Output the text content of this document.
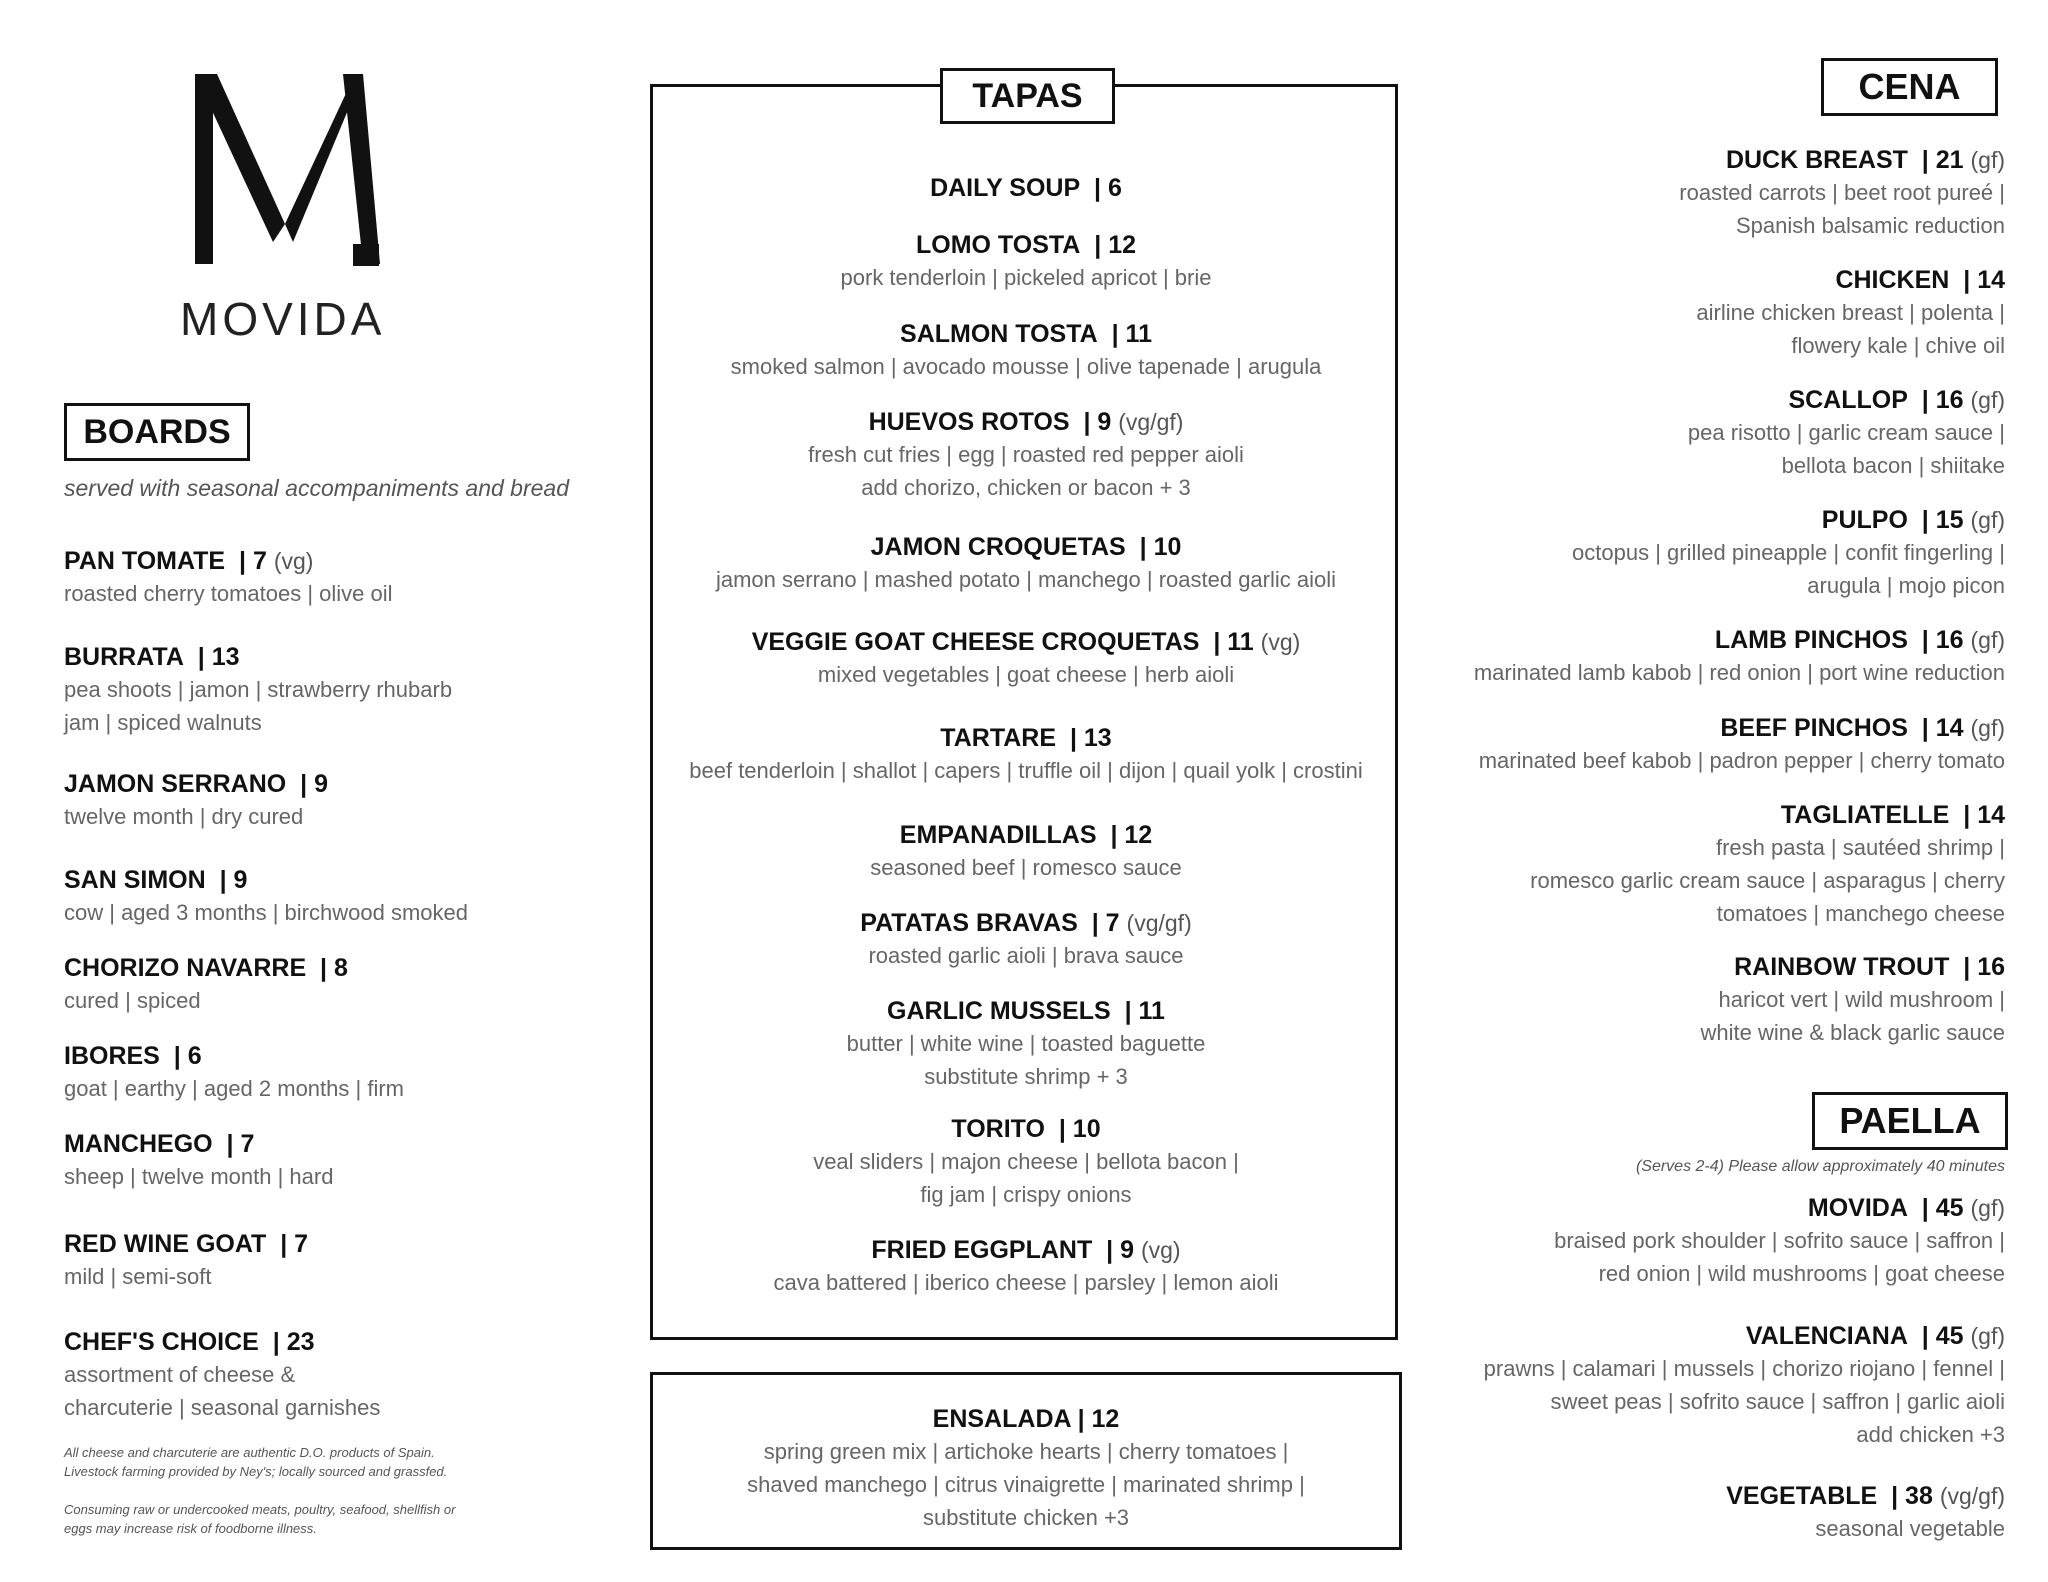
MOVIDA
BOARDS
served with seasonal accompaniments and bread
PAN TOMATE | 7 (vg)
roasted cherry tomatoes | olive oil
BURRATA | 13
pea shoots | jamon | strawberry rhubarb
jam | spiced walnuts
JAMON SERRANO | 9
twelve month | dry cured
SAN SIMON | 9
cow | aged 3 months | birchwood smoked
CHORIZO NAVARRE | 8
cured | spiced
IBORES | 6
goat | earthy | aged 2 months | firm
MANCHEGO | 7
sheep | twelve month | hard
RED WINE GOAT | 7
mild | semi-soft
CHEF'S CHOICE | 23
assortment of cheese &
charcuterie | seasonal garnishes
All cheese and charcuterie are authentic D.O. products of Spain.
Livestock farming provided by Ney's; locally sourced and grassfed.
Consuming raw or undercooked meats, poultry, seafood, shellfish or
eggs may increase risk of foodborne illness.
TAPAS
DAILY SOUP | 6
LOMO TOSTA | 12
pork tenderloin | pickeled apricot | brie
SALMON TOSTA | 11
smoked salmon | avocado mousse | olive tapenade | arugula
HUEVOS ROTOS | 9 (vg/gf)
fresh cut fries | egg | roasted red pepper aioli
add chorizo, chicken or bacon + 3
JAMON CROQUETAS | 10
jamon serrano | mashed potato | manchego | roasted garlic aioli
VEGGIE GOAT CHEESE CROQUETAS | 11 (vg)
mixed vegetables | goat cheese | herb aioli
TARTARE | 13
beef tenderloin | shallot | capers | truffle oil | dijon | quail yolk | crostini
EMPANADILLAS | 12
seasoned beef | romesco sauce
PATATAS BRAVAS | 7 (vg/gf)
roasted garlic aioli | brava sauce
GARLIC MUSSELS | 11
butter | white wine | toasted baguette
substitute shrimp + 3
TORITO | 10
veal sliders | majon cheese | bellota bacon |
fig jam | crispy onions
FRIED EGGPLANT | 9 (vg)
cava battered | iberico cheese | parsley | lemon aioli
ENSALADA | 12
spring green mix | artichoke hearts | cherry tomatoes |
shaved manchego | citrus vinaigrette | marinated shrimp |
substitute chicken +3
CENA
DUCK BREAST | 21 (gf)
roasted carrots | beet root pureé |
Spanish balsamic reduction
CHICKEN | 14
airline chicken breast | polenta |
flowery kale | chive oil
SCALLOP | 16 (gf)
pea risotto | garlic cream sauce |
bellota bacon | shiitake
PULPO | 15 (gf)
octopus | grilled pineapple | confit fingerling |
arugula | mojo picon
LAMB PINCHOS | 16 (gf)
marinated lamb kabob | red onion | port wine reduction
BEEF PINCHOS | 14 (gf)
marinated beef kabob | padron pepper | cherry tomato
TAGLIATELLE | 14
fresh pasta | sautéed shrimp |
romesco garlic cream sauce | asparagus | cherry
tomatoes | manchego cheese
RAINBOW TROUT | 16
haricot vert | wild mushroom |
white wine & black garlic sauce
PAELLA
(Serves 2-4) Please allow approximately 40 minutes
MOVIDA | 45 (gf)
braised pork shoulder | sofrito sauce | saffron |
red onion | wild mushrooms | goat cheese
VALENCIANA | 45 (gf)
prawns | calamari | mussels | chorizo riojano | fennel |
sweet peas | sofrito sauce | saffron | garlic aioli
add chicken +3
VEGETABLE | 38 (vg/gf)
seasonal vegetable
